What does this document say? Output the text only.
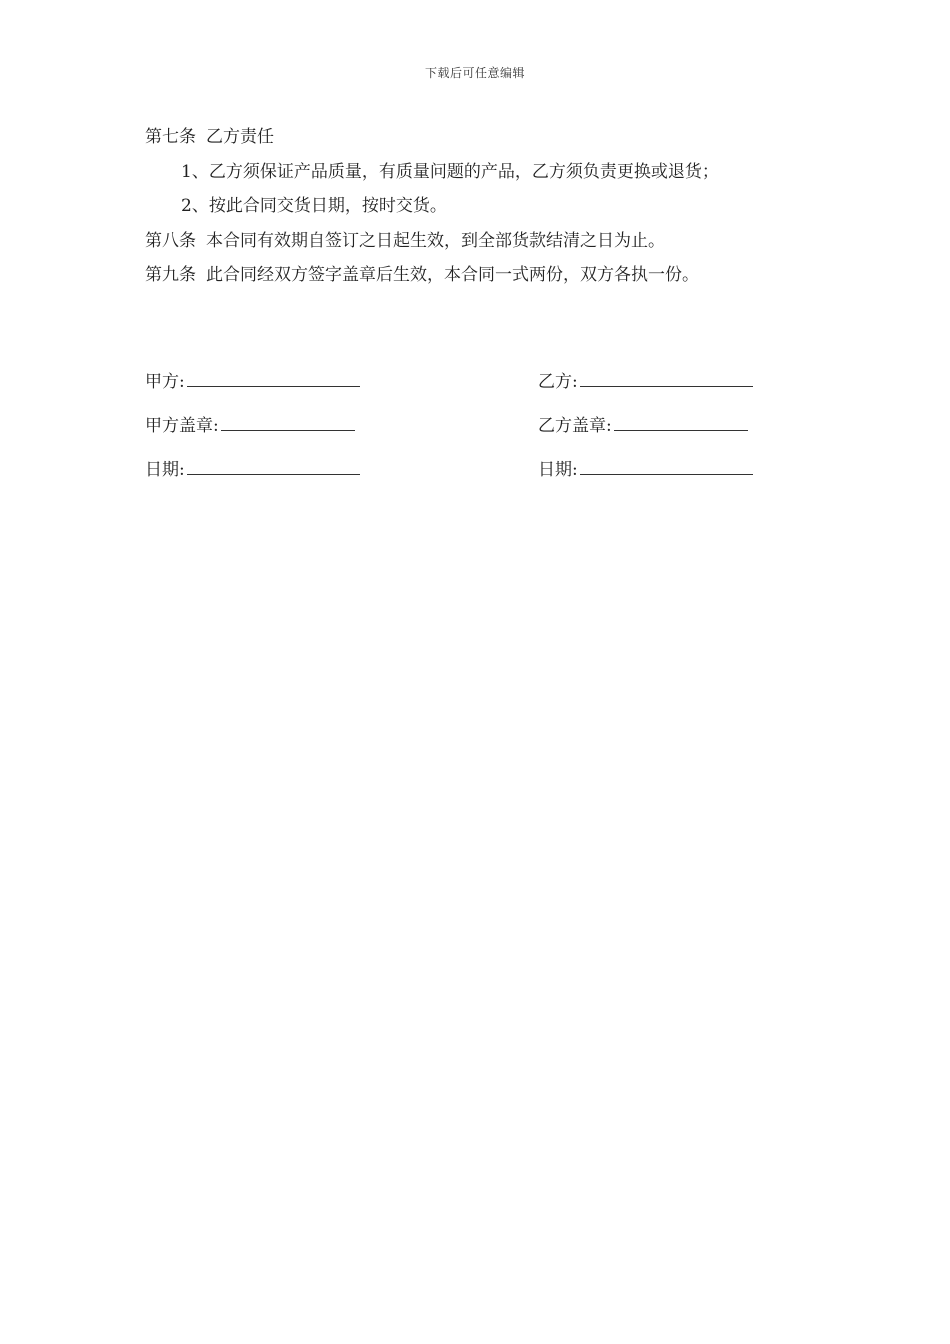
下载后可任意编辑
第七条 乙方责任
1、乙方须保证产品质量，有质量问题的产品，乙方须负责更换或退货；
2、按此合同交货日期，按时交货。
第八条 本合同有效期自签订之日起生效，到全部货款结清之日为止。
第九条 此合同经双方签字盖章后生效，本合同一式两份，双方各执一份。
甲方:	乙方:
甲方盖章:	乙方盖章:
日期:	日期:
